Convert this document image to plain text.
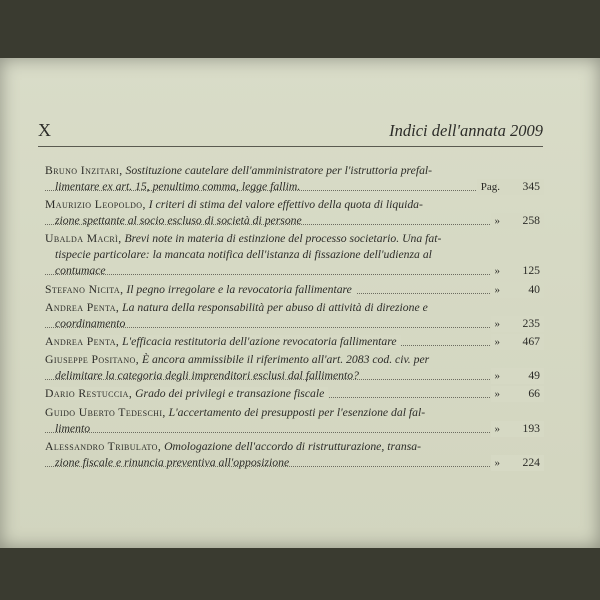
X	Indici dell'annata 2009
Bruno Inzitari, Sostituzione cautelare dell'amministratore per l'istruttoria prefal-
limentare ex art. 15, penultimo comma, legge fallim.	Pag.	345
Maurizio Leopoldo, I criteri di stima del valore effettivo della quota di liquida-
zione spettante al socio escluso di società di persone	»	258
Ubalda Macrì, Brevi note in materia di estinzione del processo societario. Una fat-
tispecie particolare: la mancata notifica dell'istanza di fissazione dell'udienza al
contumace	»	125
Stefano Nicita, Il pegno irregolare e la revocatoria fallimentare	»	40
Andrea Penta, La natura della responsabilità per abuso di attività di direzione e
coordinamento	»	235
Andrea Penta, L'efficacia restitutoria dell'azione revocatoria fallimentare	»	467
Giuseppe Positano, È ancora ammissibile il riferimento all'art. 2083 cod. civ. per
delimitare la categoria degli imprenditori esclusi dal fallimento?	»	49
Dario Restuccia, Grado dei privilegi e transazione fiscale	»	66
Guido Uberto Tedeschi, L'accertamento dei presupposti per l'esenzione dal fal-
limento	»	193
Alessandro Tribulato, Omologazione dell'accordo di ristrutturazione, transa-
zione fiscale e rinuncia preventiva all'opposizione	»	224
